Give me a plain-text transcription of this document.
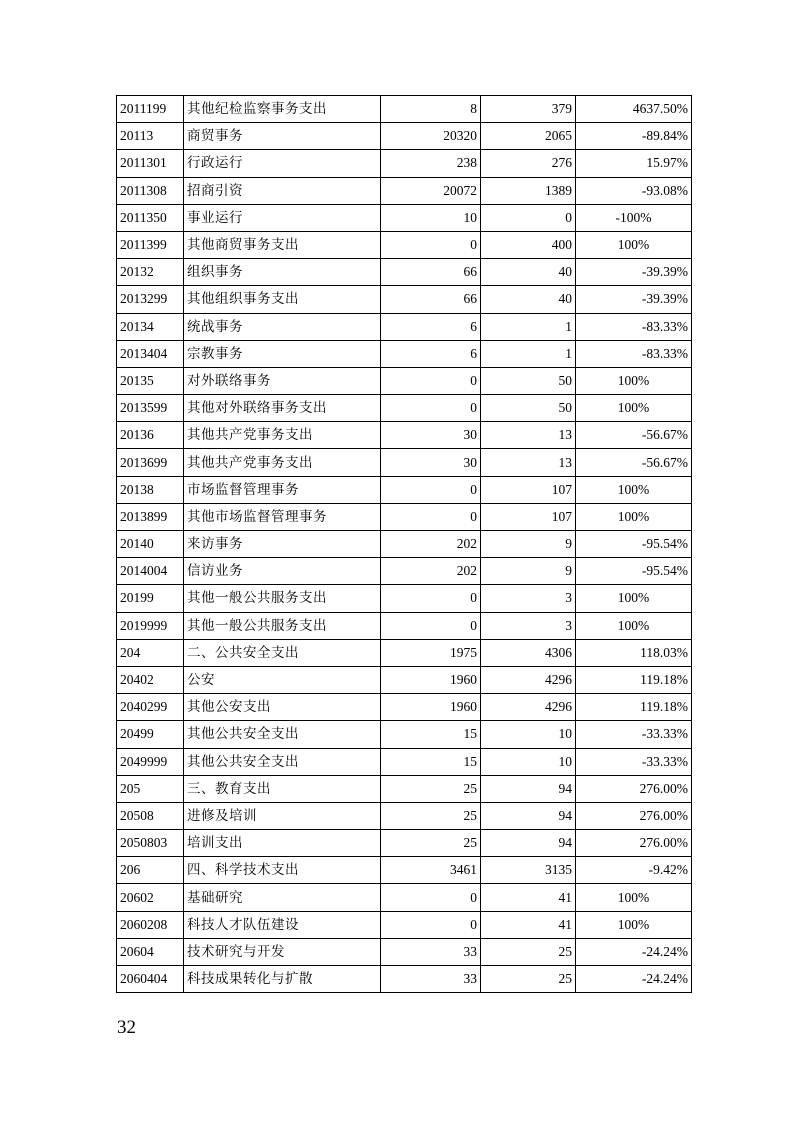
2011199	其他纪检监察事务支出	8	379	4637.50%
20113	商贸事务	20320	2065	-89.84%
2011301	行政运行	238	276	15.97%
2011308	招商引资	20072	1389	-93.08%
2011350	事业运行	10	0	-100%
2011399	其他商贸事务支出	0	400	100%
20132	组织事务	66	40	-39.39%
2013299	其他组织事务支出	66	40	-39.39%
20134	统战事务	6	1	-83.33%
2013404	宗教事务	6	1	-83.33%
20135	对外联络事务	0	50	100%
2013599	其他对外联络事务支出	0	50	100%
20136	其他共产党事务支出	30	13	-56.67%
2013699	其他共产党事务支出	30	13	-56.67%
20138	市场监督管理事务	0	107	100%
2013899	其他市场监督管理事务	0	107	100%
20140	来访事务	202	9	-95.54%
2014004	信访业务	202	9	-95.54%
20199	其他一般公共服务支出	0	3	100%
2019999	其他一般公共服务支出	0	3	100%
204	二、公共安全支出	1975	4306	118.03%
20402	公安	1960	4296	119.18%
2040299	其他公安支出	1960	4296	119.18%
20499	其他公共安全支出	15	10	-33.33%
2049999	其他公共安全支出	15	10	-33.33%
205	三、教育支出	25	94	276.00%
20508	进修及培训	25	94	276.00%
2050803	培训支出	25	94	276.00%
206	四、科学技术支出	3461	3135	-9.42%
20602	基础研究	0	41	100%
2060208	科技人才队伍建设	0	41	100%
20604	技术研究与开发	33	25	-24.24%
2060404	科技成果转化与扩散	33	25	-24.24%
32
